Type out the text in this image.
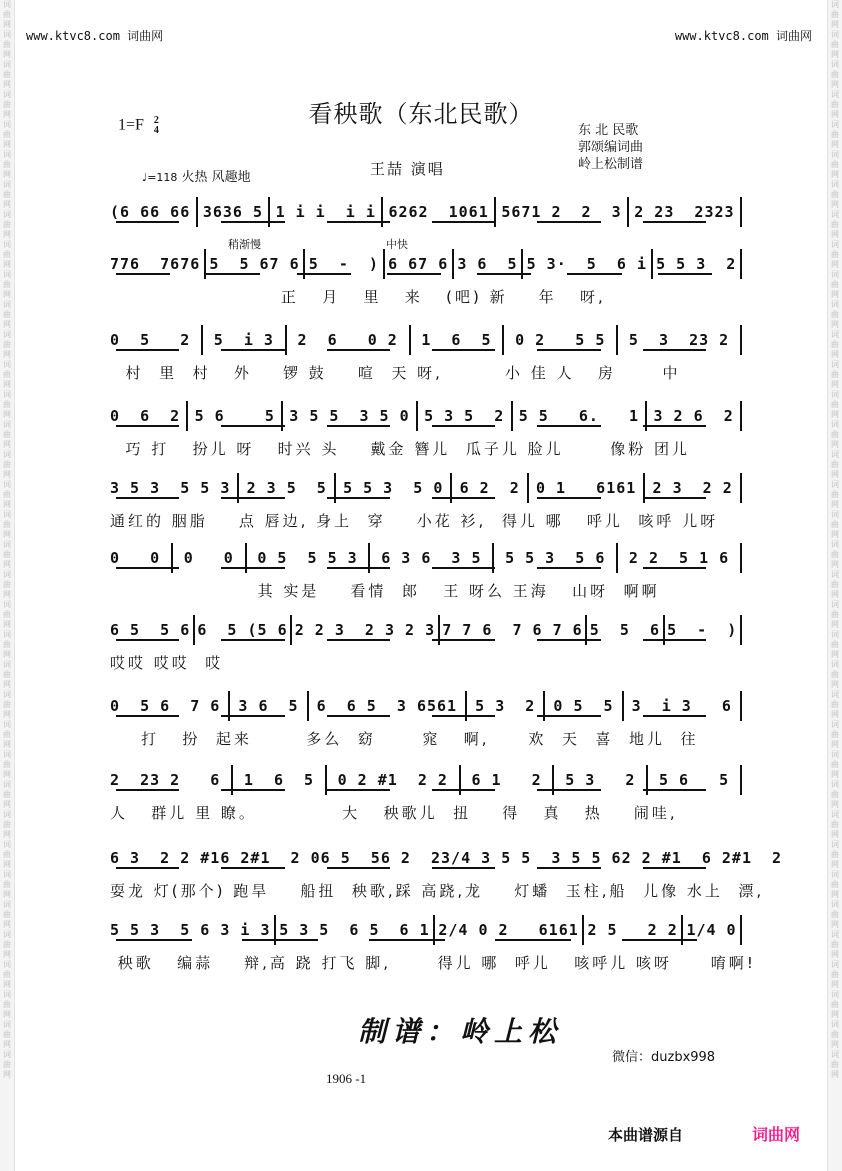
词
曲
网
词
曲
网
词
曲
网
词
曲
网
词
曲
网
词
曲
网
词
曲
网
词
曲
网
词
曲
网
词
曲
网
词
曲
网
词
曲
网
词
曲
网
词
曲
网
词
曲
网
词
曲
网
词
曲
网
词
曲
网
词
曲
网
词
曲
网
词
曲
网
词
曲
网
词
曲
网
词
曲
网
词
曲
网
词
曲
网
词
曲
网
词
曲
网
词
曲
网
词
曲
网
词
曲
网
词
曲
网
词
曲
网
词
曲
网
词
曲
网
词
曲
网
词
曲
网
词
曲
网
词
曲
网
词
曲
网
词
曲
网
词
曲
网
词
曲
网
词
曲
网
词
曲
网
词
曲
网
词
曲
网
词
曲
网
词
曲
网
词
曲
网
词
曲
网
词
曲
网
词
曲
网
词
曲
网
词
曲
网
词
曲
网
词
曲
网
词
曲
网
词
曲
网
词
曲
网
词
曲
网
词
曲
网
词
曲
网
词
曲
网
词
曲
网
词
曲
网
词
曲
网
词
曲
网
词
曲
网
词
曲
网
词
曲
网
词
曲
网
www.ktvc8.com 词曲网	www.ktvc8.com 词曲网
看秧歌（东北民歌）
1=F 2
4	东 北 民歌
郭颂编词曲
岭上松制谱
王喆 演唱
♩=118 火热 风趣地
稍渐慢	中快
(6 66 66 3636 5 1 i i  i i 6262  1061 5671 2  2  3 2 23  2323
776  7676 5  5 67 6 5  -  ) 6 67 6 3 6  5 5 3·  5  6 i 5 5 3  2
正   月   里   来   (吧) 新    年   呀,
0  5   2 5  i 3 2  6   0 2 1  6  5 0 2   5 5 5  3  23 2
村  里  村   外    锣 鼓    喧  天 呀,        小 佳 人   房      中
0  6  2 5 6    5 3 5 5  3 5 0 5 3 5  2 5 5   6.   1 3 2 6  2
巧 打   扮儿 呀   时兴 头    戴金 簪儿  瓜子儿 脸儿      像粉 团儿
3 5 3  5 5 3 2 3 5  5 5 5 3  5 0 6 2  2 0 1   6161 2 3  2 2
通红的 胭脂    点 唇边, 身上  穿    小花 衫,  得儿 哪   呼儿  咳呼 儿呀
0   0 0   0 0 5  5 5 3 6 3 6  3 5 5 5 3  5 6 2 2  5 1 6
其 实是    看情  郎   王 呀么 王海   山呀  啊啊
6 5  5 6 6  5 (5 6 2 2 3  2 3 2 3 7 7 6  7 6 7 6 5  5  6 5  -  )
哎哎 哎哎  哎
0  5 6  7 6 3 6  5 6  6 5  3 6561 5 3  2 0 5  5 3  i 3   6
打   扮  起来       多么  窈      窕   啊,     欢  天  喜  地儿  往
2  23 2   6 1  6  5 0 2 #1  2 2 6 1   2 5 3   2 5 6   5
人   群儿 里 瞭。           大   秧歌儿  扭    得   真   热    闹哇,
6 3  2 2 #1 6 2#1  2 0 6 5  5 6 2  2 3/4 3 5 5  3 5 5 6 2 2 #1  6 2#1  2
耍龙 灯(那个) 跑旱    船扭  秧歌,踩 高跷,龙    灯蟠  玉柱,船  儿像 水上  漂,
5 5 3  5 6 3 i 3 5 3 5  6 5  6 1 2/4 0 2   6161 2 5   2 2 1/4 0
秧歌   编蒜    辩,高 跷 打飞 脚,      得儿 哪  呼儿   咳呼儿 咳呀     唷啊!
制谱：岭上松
微信：duzbx998
1906 -1
本曲谱源自	词曲网
